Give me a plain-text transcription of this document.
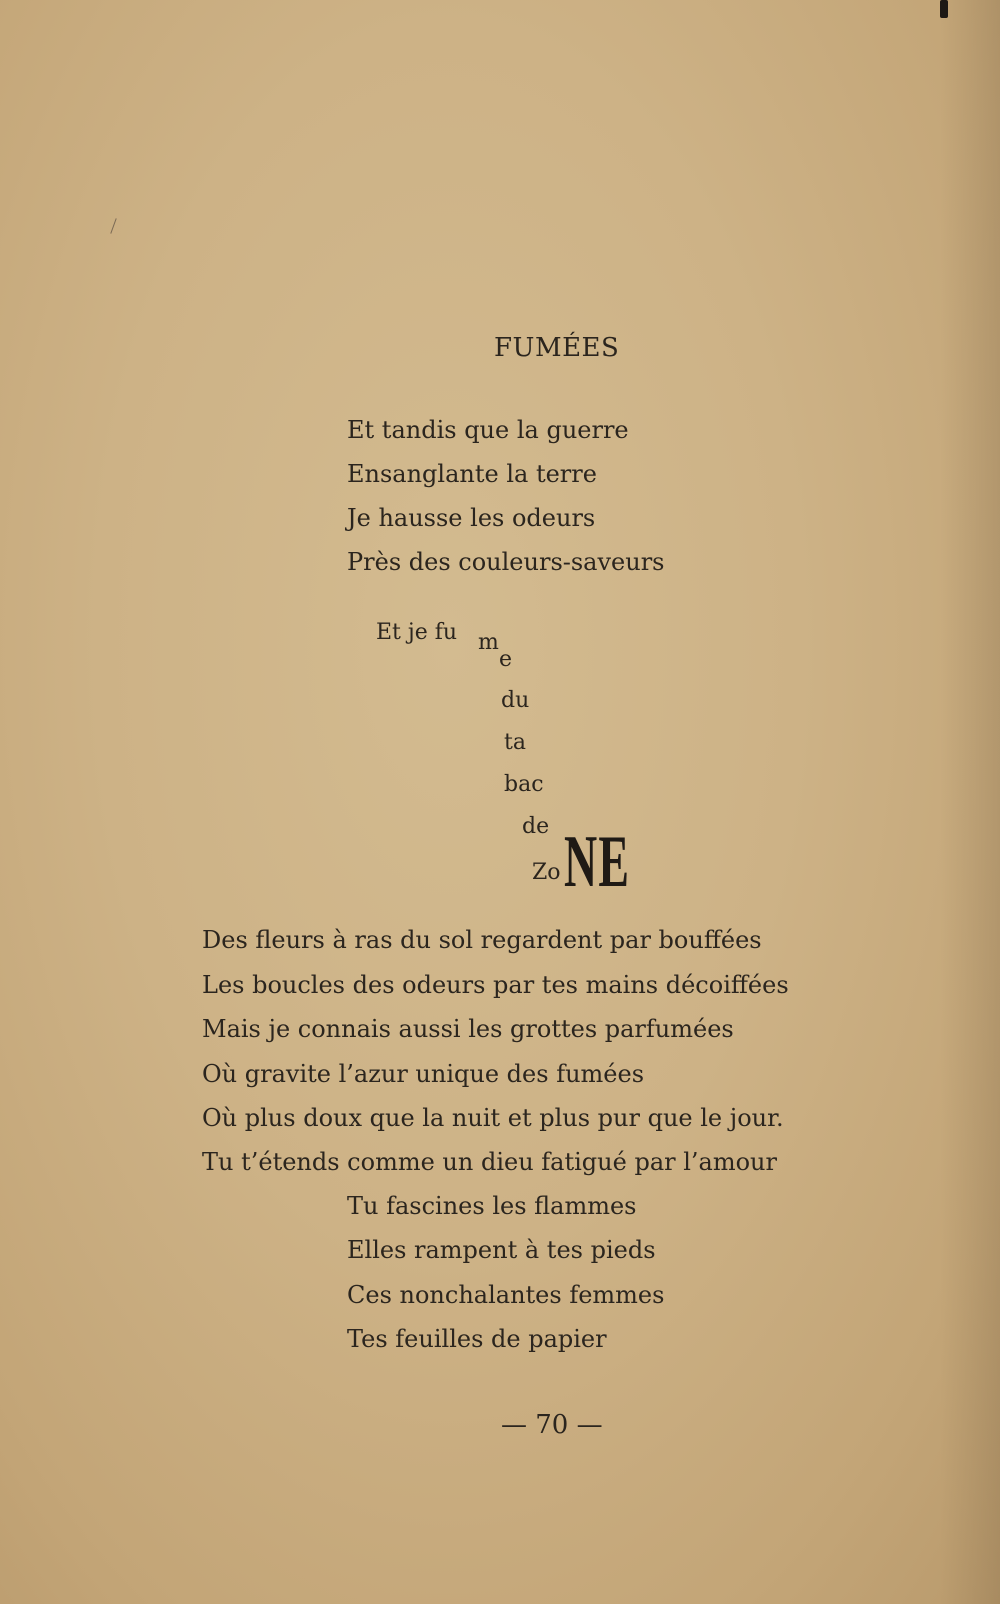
FUMÉES
Et tandis que la guerre
Ensanglante la terre
Je hausse les odeurs
Près des couleurs-saveurs
Et je fu m
e
du
ta
bac
de
Zo NE
Des fleurs à ras du sol regardent par bouffées
Les boucles des odeurs par tes mains décoiffées
Mais je connais aussi les grottes parfumées
Où gravite l’azur unique des fumées
Où plus doux que la nuit et plus pur que le jour.
Tu t’étends comme un dieu fatigué par l’amour
Tu fascines les flammes
Elles rampent à tes pieds
Ces nonchalantes femmes
Tes feuilles de papier
— 70 —
